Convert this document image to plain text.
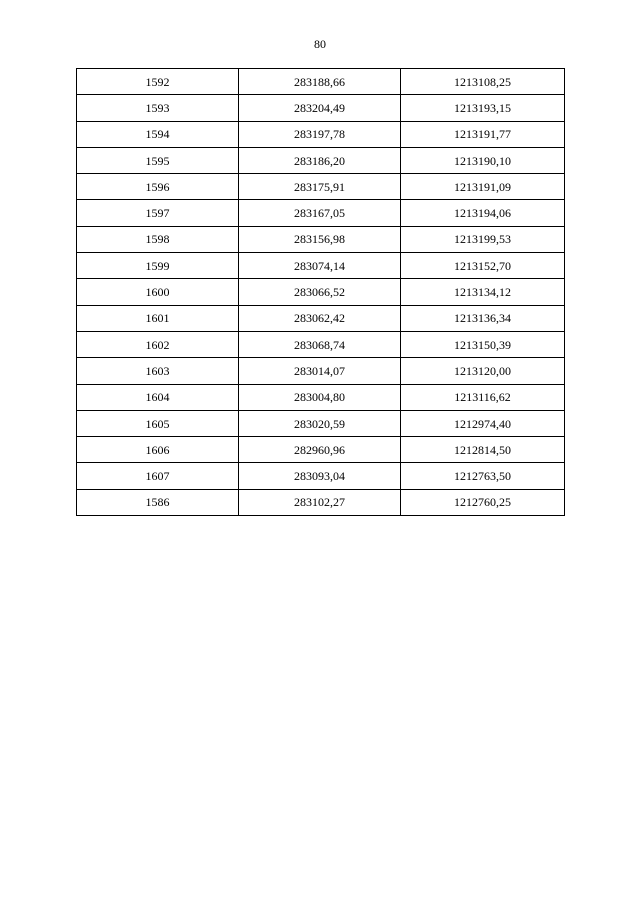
80
1592	283188,66	1213108,25
1593	283204,49	1213193,15
1594	283197,78	1213191,77
1595	283186,20	1213190,10
1596	283175,91	1213191,09
1597	283167,05	1213194,06
1598	283156,98	1213199,53
1599	283074,14	1213152,70
1600	283066,52	1213134,12
1601	283062,42	1213136,34
1602	283068,74	1213150,39
1603	283014,07	1213120,00
1604	283004,80	1213116,62
1605	283020,59	1212974,40
1606	282960,96	1212814,50
1607	283093,04	1212763,50
1586	283102,27	1212760,25
